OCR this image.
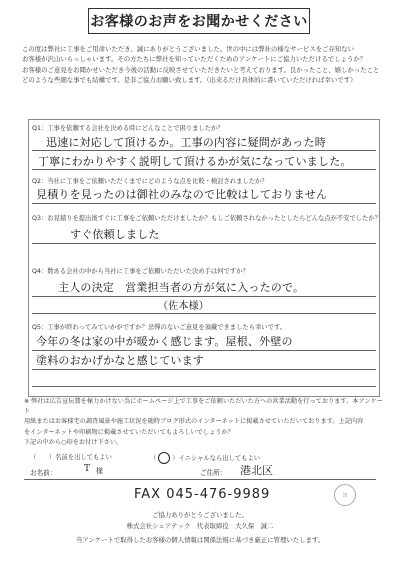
お客様のお声をお聞かせください

この度は弊社に工事をご用命いただき、誠にありがとうございました。世の中には弊社の様なサービスをご存知ない

お客様が沢山いらっしゃいます。その方たちに弊社を知っていただくためのアンケートにご協力いただけるでしょうか？

お客様のご意見をお聞かせいただき今後の活動に反映させていただきたいと考えております。良かったこと、嬉しかったこと

どのような些細な事でも結構です。是非ご協力お願い致します。（出来るだけ具体的に書いていただければ幸いです）

Q1：工事を依頼する会社を決める時にどんなことで困りましたか？
迅速に対応して頂けるか。工事の内容に疑問があった時
丁寧にわかりやすく説明して頂けるかが気になっていました。
Q2：当社に工事をご依頼いただくまでにどのような点を比較・検討されましたか？
見積りを見ったのは御社のみなので比較はしておりません
Q3：お見積りを提出後すぐに工事をご依頼いただけましたか？もしご依頼されなかったとしたらどんな点が不安でしたか？
すぐ依頼しました
Q4：数ある会社の中から当社に工事をご依頼いただいた決め手は何ですか？
主人の決定　営業担当者の方が気に入ったので。
（佐本様）
Q5：工事が終わってみていかがですか？忌憚のないご意見を頂戴できましたら幸いです。
今年の冬は家の中が暖かく感じます。屋根、外壁の
塗料のおかげかなと感じています

※ 弊社は広告宣伝費を極力かけない為にホームページ上で工事をご依頼いただいた方への営業活動を行っております。本アンケート

用紙またはお客様宅の調査風景や施工状況を随時ブログ形式のインターネットに掲載させていただいております。上記内容

をインターネットや印刷物に掲載させていただいてもよろしいでしょうか？

下記の中から○印をお付け下さい。

（　　）名前を出してもよい	（	）イニシャルなら出してもよい
お名前：	T 様	ご住所： 港北区
FAX 045-476-9989	済
ご協力ありがとうございました。
株式会社シェアテック　代表取締役　大久保　誠二
当アンケートで取得したお客様の個人情報は関係法規に基づき厳正に管理いたします。
